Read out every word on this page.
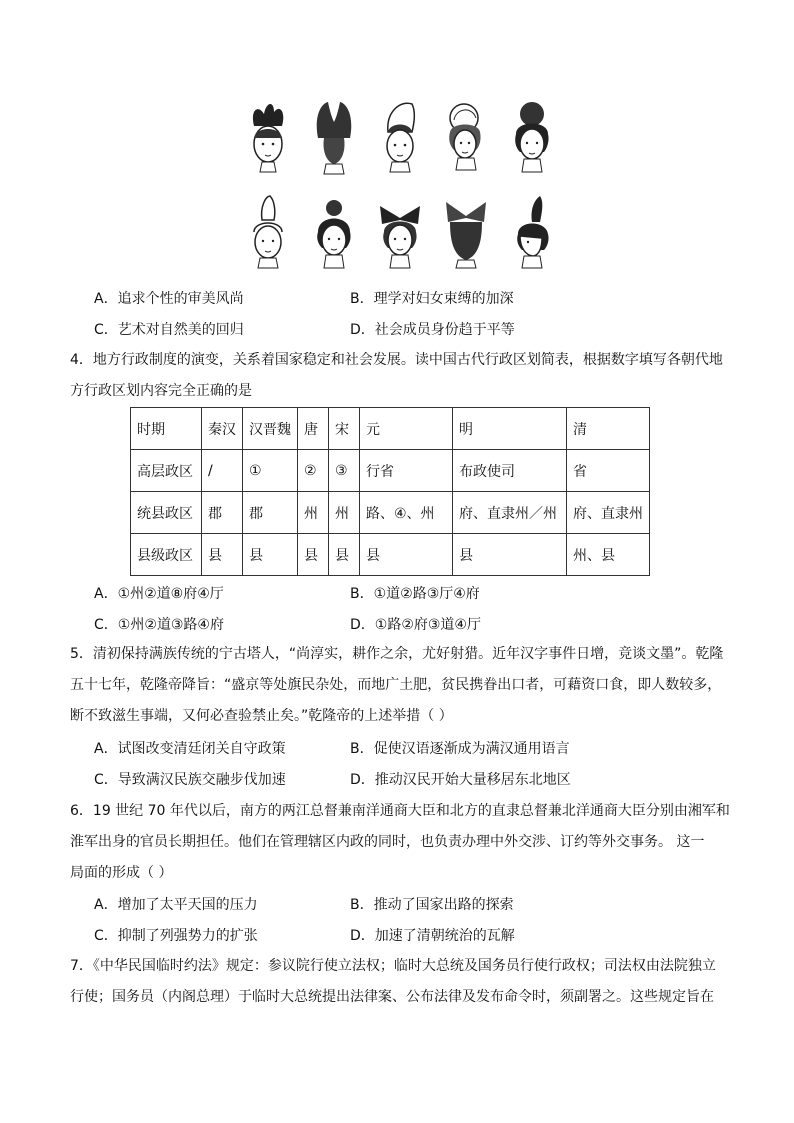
A．追求个性的审美风尚	B．理学对妇女束缚的加深
C．艺术对自然美的回归	D．社会成员身份趋于平等
4．地方行政制度的演变，关系着国家稳定和社会发展。读中国古代行政区划简表，根据数字填写各朝代地
方行政区划内容完全正确的是
时期	秦汉	汉晋魏	唐	宋	元	明	清
高层政区	/	①	②	③	行省	布政使司	省
统县政区	郡	郡	州	州	路、④、州	府、直隶州／州	府、直隶州
县级政区	县	县	县	县	县	县	州、县
A．①州②道⑧府④厅	B．①道②路③厅④府
C．①州②道③路④府	D．①路②府③道④厅
5．清初保持满族传统的宁古塔人，“尚淳实，耕作之余，尤好射猎。近年汉字事件日增，竞谈文墨”。乾隆
五十七年，乾隆帝降旨：“盛京等处旗民杂处，而地广土肥，贫民携眷出口者，可藉资口食，即人数较多，
断不致滋生事端，又何必查验禁止矣。”乾隆帝的上述举措（ ）
A．试图改变清廷闭关自守政策	B．促使汉语逐渐成为满汉通用语言
C．导致满汉民族交融步伐加速	D．推动汉民开始大量移居东北地区
6．19 世纪 70 年代以后，南方的两江总督兼南洋通商大臣和北方的直隶总督兼北洋通商大臣分别由湘军和
淮军出身的官员长期担任。他们在管理辖区内政的同时，也负责办理中外交涉、订约等外交事务。 这一
局面的形成（ ）
A．增加了太平天国的压力	B．推动了国家出路的探索
C．抑制了列强势力的扩张	D．加速了清朝统治的瓦解
7．《中华民国临时约法》规定：参议院行使立法权；临时大总统及国务员行使行政权；司法权由法院独立
行使；国务员（内阁总理）于临时大总统提出法律案、公布法律及发布命令时，须副署之。这些规定旨在
